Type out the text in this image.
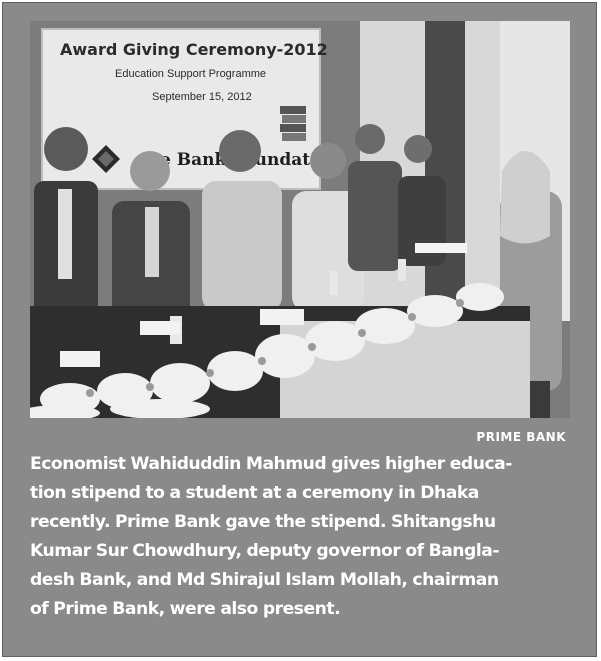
Award Giving Ceremony-2012
Education Support Programme
September 15, 2012
Bank Foundation
PRIME BANK

Economist Wahiduddin Mahmud gives higher educa-
tion stipend to a student at a ceremony in Dhaka
recently. Prime Bank gave the stipend. Shitangshu
Kumar Sur Chowdhury, deputy governor of Bangla-
desh Bank, and Md Shirajul Islam Mollah, chairman
of Prime Bank, were also present.
